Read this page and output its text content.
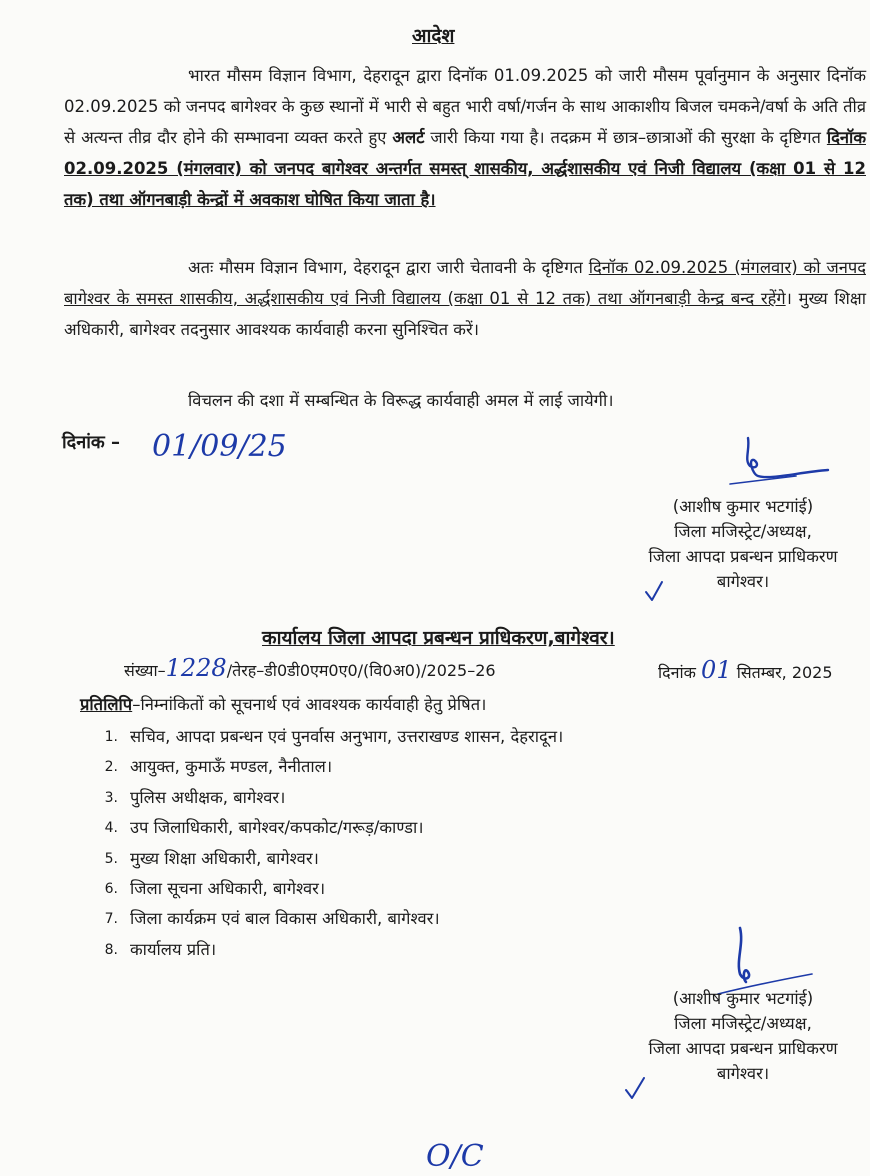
आदेश

भारत मौसम विज्ञान विभाग, देहरादून द्वारा दिनॉक 01.09.2025 को जारी मौसम पूर्वानुमान के अनुसार दिनॉक 02.09.2025 को जनपद बागेश्वर के कुछ स्थानों में भारी से बहुत भारी वर्षा/गर्जन के साथ आकाशीय बिजल चमकने/वर्षा के अति तीव्र से अत्यन्त तीव्र दौर होने की सम्भावना व्यक्त करते हुए अलर्ट जारी किया गया है। तदक्रम में छात्र–छात्राओं की सुरक्षा के दृष्टिगत दिनॉक 02.09.2025 (मंगलवार) को जनपद बागेश्वर अन्तर्गत समस्त् शासकीय, अर्द्धशासकीय एवं निजी विद्यालय (कक्षा 01 से 12 तक) तथा ऑगनबाड़ी केन्द्रों में अवकाश घोषित किया जाता है।

अतः मौसम विज्ञान विभाग, देहरादून द्वारा जारी चेतावनी के दृष्टिगत दिनॉक 02.09.2025 (मंगलवार) को जनपद बागेश्वर के समस्त शासकीय, अर्द्धशासकीय एवं निजी विद्यालय (कक्षा 01 से 12 तक) तथा ऑगनबाड़ी केन्द्र बन्द रहेंगे। मुख्य शिक्षा अधिकारी, बागेश्वर तदनुसार आवश्यक कार्यवाही करना सुनिश्चित करें।

विचलन की दशा में सम्बन्धित के विरूद्ध कार्यवाही अमल में लाई जायेगी।

दिनांक – 01/09/25
(आशीष कुमार भटगांई)
जिला मजिस्ट्रेट/अध्यक्ष,
जिला आपदा प्रबन्धन प्राधिकरण
बागेश्वर।
कार्यालय जिला आपदा प्रबन्धन प्राधिकरण,बागेश्वर।
संख्या–1228/तेरह–डी0डी0एम0ए0/(वि0अ0)/2025–26	दिनांक 01 सितम्बर, 2025
प्रतिलिपि–निम्नांकितों को सूचनार्थ एवं आवश्यक कार्यवाही हेतु प्रेषित।
1. सचिव, आपदा प्रबन्धन एवं पुनर्वास अनुभाग, उत्तराखण्ड शासन, देहरादून।
2. आयुक्त, कुमाऊँ मण्डल, नैनीताल।
3. पुलिस अधीक्षक, बागेश्वर।
4. उप जिलाधिकारी, बागेश्वर/कपकोट/गरूड़/काण्डा।
5. मुख्य शिक्षा अधिकारी, बागेश्वर।
6. जिला सूचना अधिकारी, बागेश्वर।
7. जिला कार्यक्रम एवं बाल विकास अधिकारी, बागेश्वर।
8. कार्यालय प्रति।
(आशीष कुमार भटगांई)
जिला मजिस्ट्रेट/अध्यक्ष,
जिला आपदा प्रबन्धन प्राधिकरण
बागेश्वर।
O/C
